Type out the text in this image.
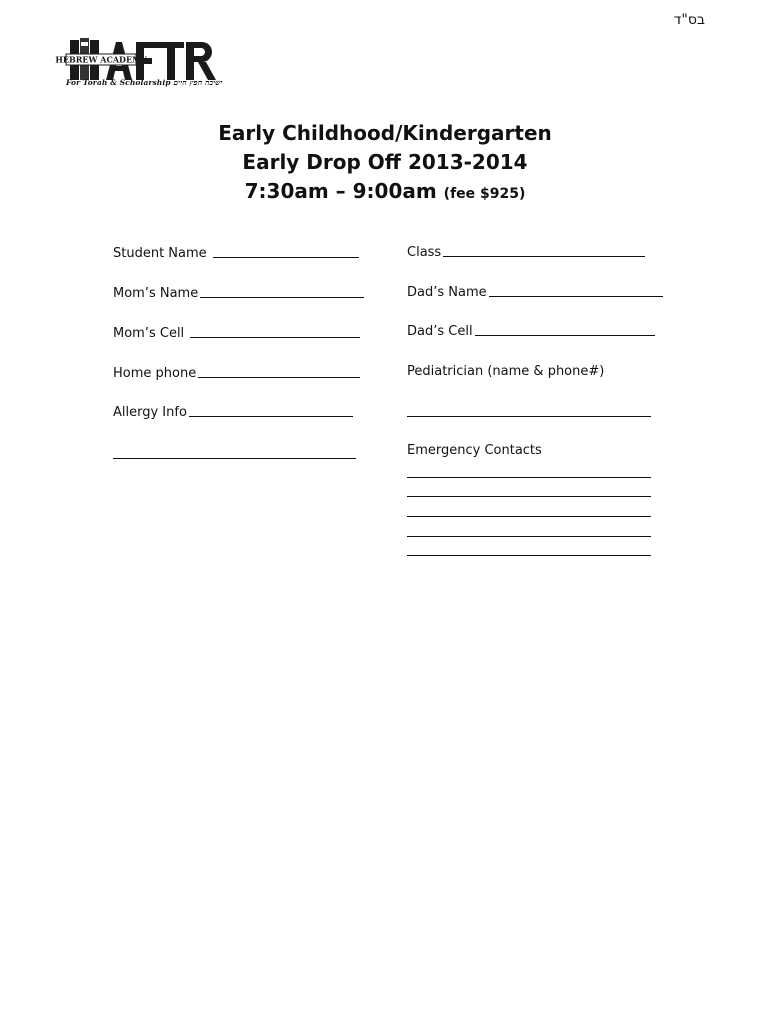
בס"ד
HEBREW ACADEMY
For Torah & Scholarship ישיבה חפץ חיים
Early Childhood/Kindergarten
Early Drop Off 2013-2014
7:30am – 9:00am (fee $925)
Student Name
Mom’s Name
Mom’s Cell
Home phone
Allergy Info
Class
Dad’s Name
Dad’s Cell
Pediatrician (name & phone#)
Emergency Contacts
